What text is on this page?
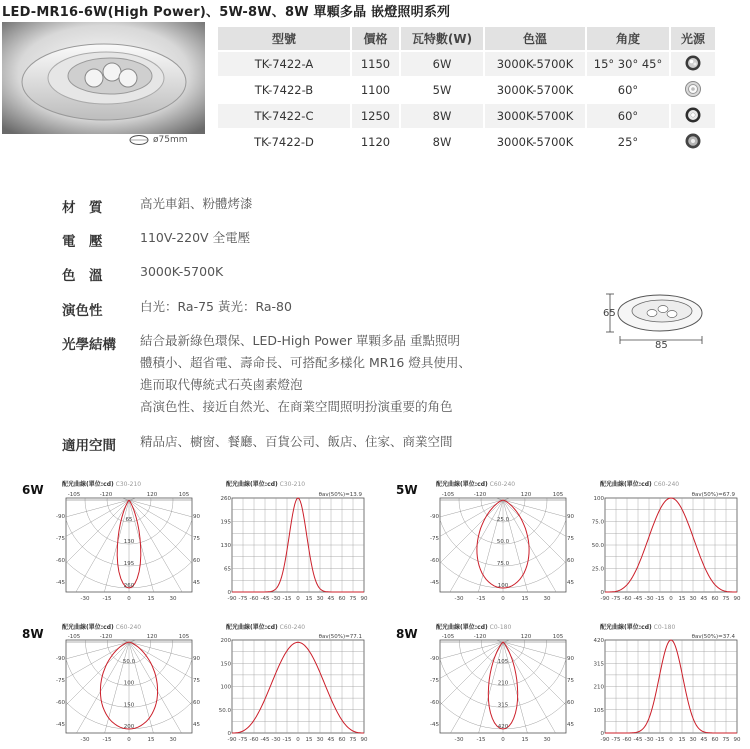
LED-MR16-6W(High Power)、5W-8W、8W 單顆多晶 嵌燈照明系列
ø75mm
型號	價格	瓦特數(W)	色溫	角度	光源
TK-7422-A	1150	6W	3000K-5700K	15° 30° 45°	
TK-7422-B	1100	5W	3000K-5700K	60°	
TK-7422-C	1250	8W	3000K-5700K	60°	
TK-7422-D	1120	8W	3000K-5700K	25°	
材　質	高光車鋁、粉體烤漆
電　壓	110V-220V 全電壓
色　溫	3000K-5700K
演色性	白光：Ra-75 黃光：Ra-80
光學結構 結合最新綠色環保、LED-High Power 單顆多晶 重點照明
體積小、超省電、壽命長、可搭配多樣化 MR16 燈具使用、
進而取代傳統式石英鹵素燈泡
高演色性、接近自然光、在商業空間照明扮演重要的角色
適用空間 精品店、櫥窗、餐廳、百貨公司、飯店、住家、商業空間
65
85
6W	配光曲線(單位:cd) C30-210
65
130
195
260
-105	-120	120	105
-90
-75
-60
-45
90
75
60
45
-30 -15	0	15	30
配光曲線(單位:cd) C30-210
260
195
130
65
0
-90 -75 -60 -45 -30 -15 0 15 30 45 60 75 90
θav(50%)=13.9	5W	配光曲線(單位:cd) C60-240
25.0
50.0
75.0
100
-105	-120	120	105
-90
-75
-60
-45
90
75
60
45
-30 -15	0	15	30
配光曲線(單位:cd) C60-240
100
75.0
50.0
25.0
0
-90 -75 -60 -45 -30 -15 0 15 30 45 60 75 90
θav(50%)=67.9
8W	配光曲線(單位:cd) C60-240
50.0
100
150
200
-105	-120	120	105
-90
-75
-60
-45
90
75
60
45
-30 -15	0	15	30
配光曲線(單位:cd) C60-240
200
150
100
50.0
0
-90 -75 -60 -45 -30 -15 0 15 30 45 60 75 90
θav(50%)=77.1	8W	配光曲線(單位:cd) C0-180
105
210
315
420
-105	-120	120	105
-90
-75
-60
-45
90
75
60
45
-30 -15	0	15	30
配光曲線(單位:cd) C0-180
420
315
210
105
0
-90 -75 -60 -45 -30 -15 0 15 30 45 60 75 90
θav(50%)=37.4
